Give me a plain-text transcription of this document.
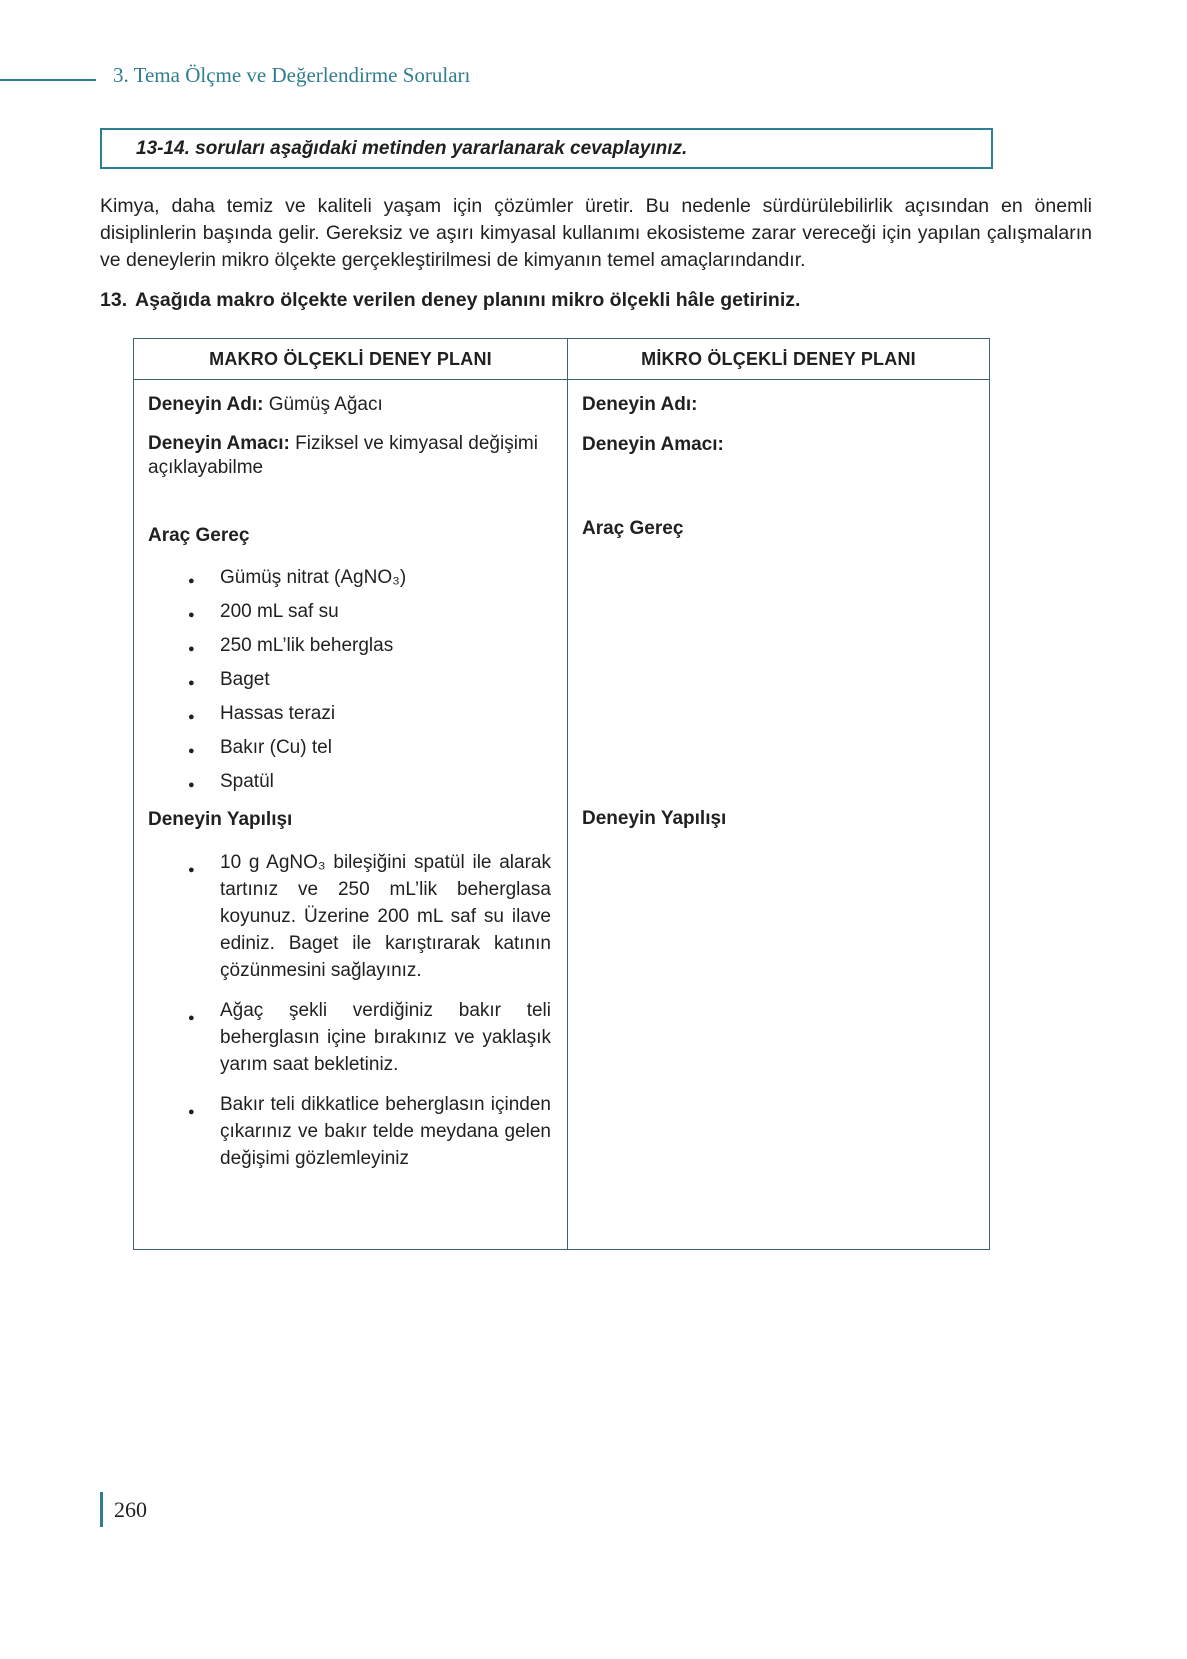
3. Tema Ölçme ve Değerlendirme Soruları
13-14. soruları aşağıdaki metinden yararlanarak cevaplayınız.

Kimya, daha temiz ve kaliteli yaşam için çözümler üretir. Bu nedenle sürdürülebilirlik açısından en önemli disiplinlerin başında gelir. Gereksiz ve aşırı kimyasal kullanımı ekosisteme zarar vereceği için yapılan çalışmaların ve deneylerin mikro ölçekte gerçekleştirilmesi de kimyanın temel amaçlarındandır.

13. Aşağıda makro ölçekte verilen deney planını mikro ölçekli hâle getiriniz.

MAKRO ÖLÇEKLİ DENEY PLANI	MİKRO ÖLÇEKLİ DENEY PLANI

Deneyin Adı: Gümüş Ağacı

Deneyin Amacı: Fiziksel ve kimyasal değişimi açıklayabilme

Araç Gereç

● Gümüş nitrat (AgNO₃)
● 200 mL saf su
● 250 mL’lik beherglas
● Baget
● Hassas terazi
● Bakır (Cu) tel
● Spatül

Deneyin Yapılışı

● 10 g AgNO₃ bileşiğini spatül ile alarak tartınız ve 250 mL’lik beherglasa koyunuz. Üzerine 200 mL saf su ilave ediniz. Baget ile karıştırarak katının çözünmesini sağlayınız.
● Ağaç şekli verdiğiniz bakır teli beherglasın içine bırakınız ve yaklaşık yarım saat bekletiniz.
● Bakır teli dikkatlice beherglasın içinden çıkarınız ve bakır telde meydana gelen değişimi gözlemleyiniz

Deneyin Adı:

Deneyin Amacı:

Araç Gereç

Deneyin Yapılışı

260
